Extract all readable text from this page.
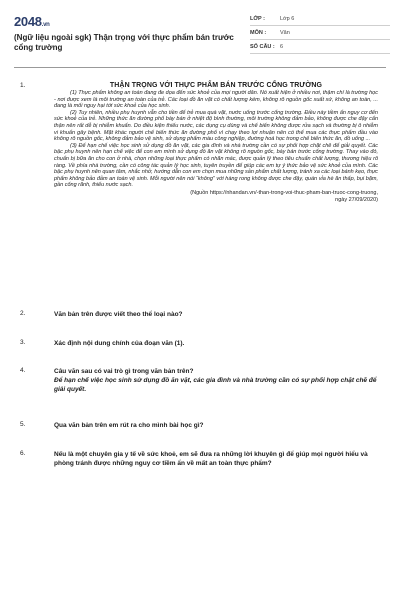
2048.vn
(Ngữ liệu ngoài sgk) Thận trọng với thực phẩm bán trước cổng trường
LỚP :	Lớp 6
MÔN :	Văn
SỐ CÂU : 6
1.	THẬN TRỌNG VỚI THỰC PHẨM BÁN TRƯỚC CỔNG TRƯỜNG

(1) Thực phẩm không an toàn đang đe dọa đến sức khoẻ của mọi người dân. Nó xuất hiện ở nhiều nơi, thậm chí là trường học - nơi được xem là môi trường an toàn của trẻ. Các loại đồ ăn vặt có chất lượng kém, không rõ nguồn gốc xuất xứ, không an toàn, ... đang là mối nguy hại tới sức khoẻ của học sinh.

(2) Tuy nhiên, nhiều phụ huynh vẫn cho tiền để trẻ mua quà vặt, nước uống trước cổng trường. Điều này tiềm ẩn nguy cơ đến sức khoẻ của trẻ. Những thức ăn đường phố bày bán ở nhiệt độ bình thường, môi trường không đảm bảo, không được che đậy cẩn thận nên rất dễ bị nhiễm khuẩn. Do điều kiện thiếu nước, các dụng cụ dùng và chế biến không được rửa sạch và thường bị ô nhiễm vi khuẩn gây bệnh. Mặt khác người chế biến thức ăn đường phố vì chạy theo lợi nhuận nên có thể mua các thực phẩm đầu vào không rõ nguồn gốc, không đảm bảo vệ sinh, sử dụng phẩm màu công nghiệp, đường hoá học trong chế biến thức ăn, đồ uống ...

(3) Để hạn chế việc học sinh sử dụng đồ ăn vặt, các gia đình và nhà trường cần có sự phối hợp chặt chẽ để giải quyết. Các bậc phụ huynh nên hạn chế việc để con em mình sử dụng đồ ăn vặt không rõ nguồn gốc, bày bán trước cổng trường. Thay vào đó, chuẩn bị bữa ăn cho con ở nhà, chọn những loại thực phẩm có nhãn mác, được quản lý theo tiêu chuẩn chất lượng, thương hiệu rõ ràng. Về phía nhà trường, cần có công tác quản lý học sinh, tuyên truyền để giúp các em tự ý thức bảo vệ sức khoẻ của mình. Các bậc phụ huynh nên quan tâm, nhắc nhở, hướng dẫn con em chọn mua những sản phẩm chất lượng, tránh xa các loại bánh kẹo, thực phẩm không bảo đảm an toàn vệ sinh. Mỗi người nên nói “không” với hàng rong không được che đậy, quán vỉa hè ăn thấp, bụi bặm, gần cống rãnh, thiếu nước sạch.

(Nguồn https://nhandan.vn/-than-trong-voi-thuc-pham-ban-truoc-cong-truong,
ngày 27/09/2020)

2.	Văn bản trên được viết theo thể loại nào?
3.	Xác định nội dung chính của đoạn văn (1).
4.	Câu văn sau có vai trò gì trong văn bản trên?
Để hạn chế việc học sinh sử dụng đồ ăn vặt, các gia đình và nhà trường cần có sự phối hợp chặt chẽ để giải quyết.
5.	Qua văn bản trên em rút ra cho mình bài học gì?
6.	Nếu là một chuyên gia y tế về sức khoẻ, em sẽ đưa ra những lời khuyên gì để giúp mọi người hiểu và phòng tránh được những nguy cơ tiềm ẩn về mất an toàn thực phẩm?
